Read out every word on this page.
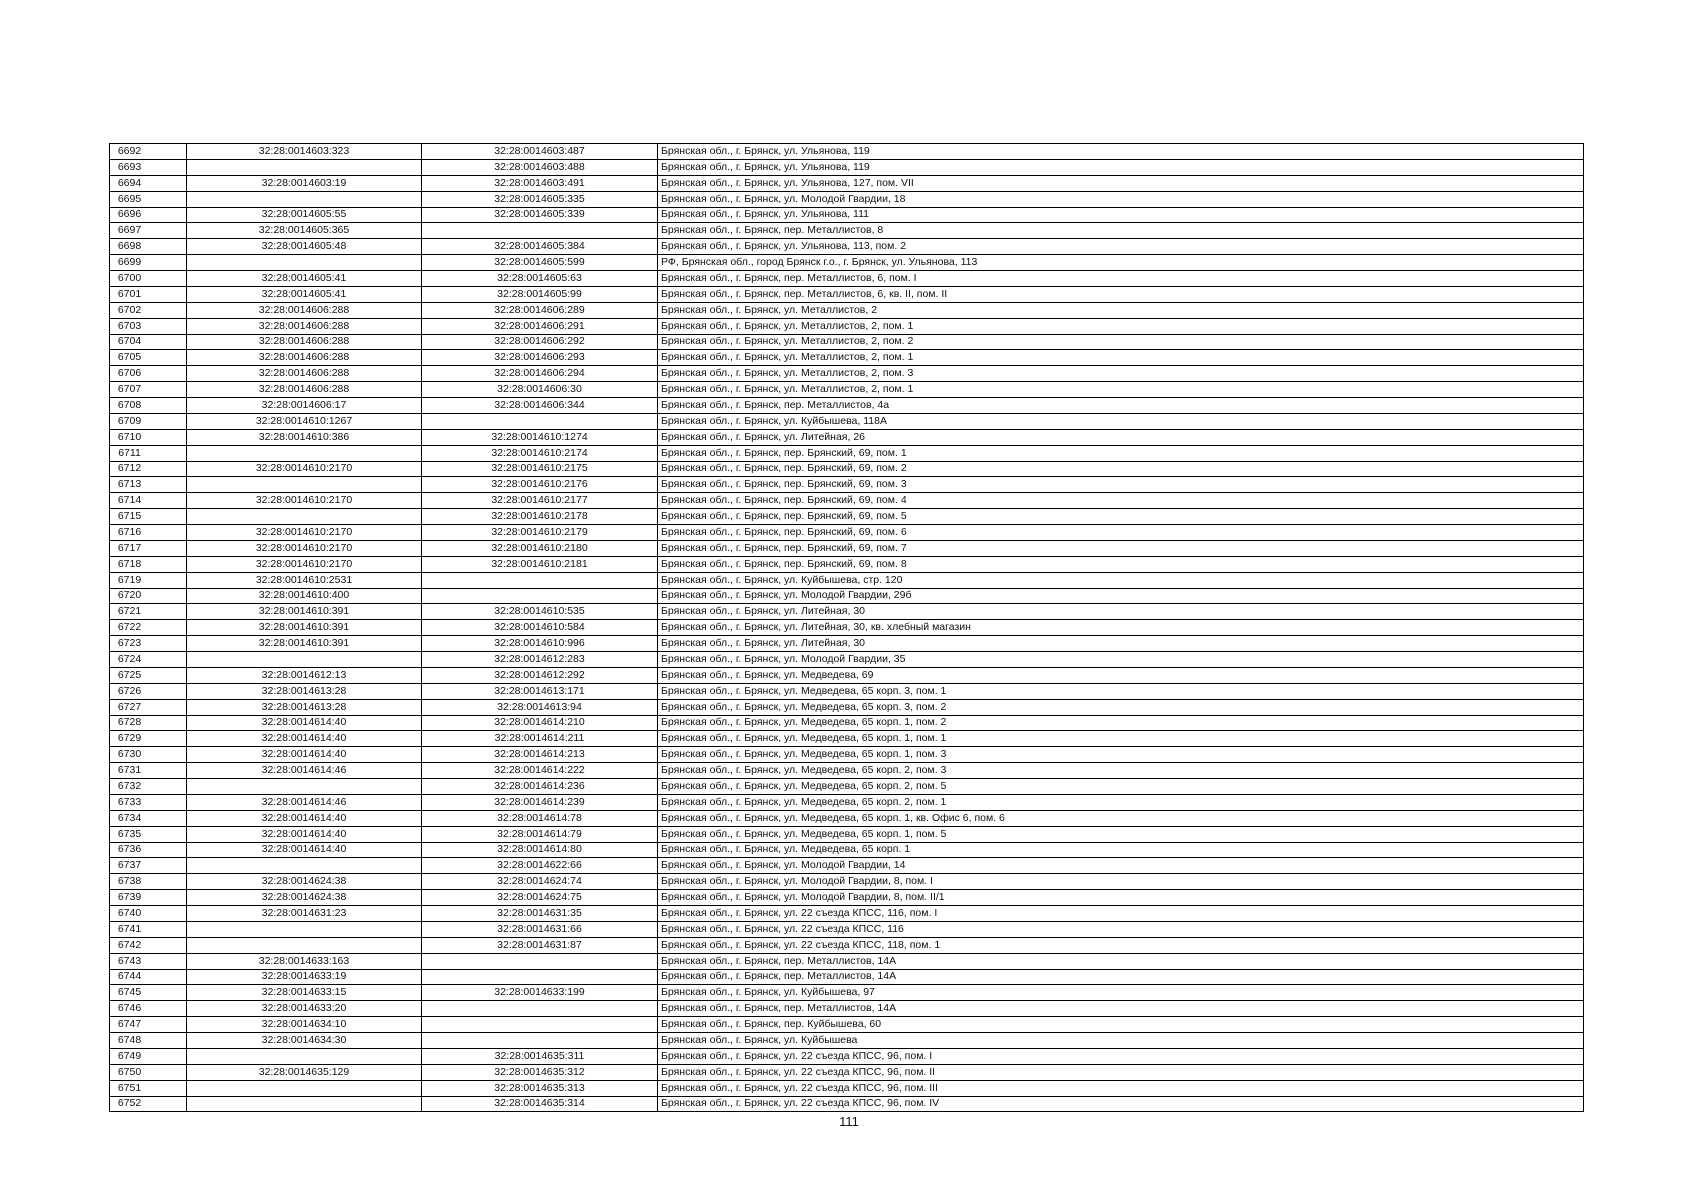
6692	32:28:0014603:323	32:28:0014603:487	Брянская обл., г. Брянск, ул. Ульянова, 119
6693		32:28:0014603:488	Брянская обл., г. Брянск, ул. Ульянова, 119
6694	32:28:0014603:19	32:28:0014603:491	Брянская обл., г. Брянск, ул. Ульянова, 127, пом. VII
6695		32:28:0014605:335	Брянская обл., г. Брянск, ул. Молодой Гвардии, 18
6696	32:28:0014605:55	32:28:0014605:339	Брянская обл., г. Брянск, ул. Ульянова, 111
6697	32:28:0014605:365		Брянская обл., г. Брянск, пер. Металлистов, 8
6698	32:28:0014605:48	32:28:0014605:384	Брянская обл., г. Брянск, ул. Ульянова, 113, пом. 2
6699		32:28:0014605:599	РФ, Брянская обл., город Брянск г.о., г. Брянск, ул. Ульянова, 113
6700	32:28:0014605:41	32:28:0014605:63	Брянская обл., г. Брянск, пер. Металлистов, 6, пом. I
6701	32:28:0014605:41	32:28:0014605:99	Брянская обл., г. Брянск, пер. Металлистов, 6, кв. II, пом. II
6702	32:28:0014606:288	32:28:0014606:289	Брянская обл., г. Брянск, ул. Металлистов, 2
6703	32:28:0014606:288	32:28:0014606:291	Брянская обл., г. Брянск, ул. Металлистов, 2, пом. 1
6704	32:28:0014606:288	32:28:0014606:292	Брянская обл., г. Брянск, ул. Металлистов, 2, пом. 2
6705	32:28:0014606:288	32:28:0014606:293	Брянская обл., г. Брянск, ул. Металлистов, 2, пом. 1
6706	32:28:0014606:288	32:28:0014606:294	Брянская обл., г. Брянск, ул. Металлистов, 2, пом. 3
6707	32:28:0014606:288	32:28:0014606:30	Брянская обл., г. Брянск, ул. Металлистов, 2, пом. 1
6708	32:28:0014606:17	32:28:0014606:344	Брянская обл., г. Брянск, пер. Металлистов, 4а
6709	32:28:0014610:1267		Брянская обл., г. Брянск, ул. Куйбышева, 118А
6710	32:28:0014610:386	32:28:0014610:1274	Брянская обл., г. Брянск, ул. Литейная, 26
6711		32:28:0014610:2174	Брянская обл., г. Брянск, пер. Брянский, 69, пом. 1
6712	32:28:0014610:2170	32:28:0014610:2175	Брянская обл., г. Брянск, пер. Брянский, 69, пом. 2
6713		32:28:0014610:2176	Брянская обл., г. Брянск, пер. Брянский, 69, пом. 3
6714	32:28:0014610:2170	32:28:0014610:2177	Брянская обл., г. Брянск, пер. Брянский, 69, пом. 4
6715		32:28:0014610:2178	Брянская обл., г. Брянск, пер. Брянский, 69, пом. 5
6716	32:28:0014610:2170	32:28:0014610:2179	Брянская обл., г. Брянск, пер. Брянский, 69, пом. 6
6717	32:28:0014610:2170	32:28:0014610:2180	Брянская обл., г. Брянск, пер. Брянский, 69, пом. 7
6718	32:28:0014610:2170	32:28:0014610:2181	Брянская обл., г. Брянск, пер. Брянский, 69, пом. 8
6719	32:28:0014610:2531		Брянская обл., г. Брянск, ул. Куйбышева, стр. 120
6720	32:28:0014610:400		Брянская обл., г. Брянск, ул. Молодой Гвардии, 29б
6721	32:28:0014610:391	32:28:0014610:535	Брянская обл., г. Брянск, ул. Литейная, 30
6722	32:28:0014610:391	32:28:0014610:584	Брянская обл., г. Брянск, ул. Литейная, 30, кв. хлебный магазин
6723	32:28:0014610:391	32:28:0014610:996	Брянская обл., г. Брянск, ул. Литейная, 30
6724		32:28:0014612:283	Брянская обл., г. Брянск, ул. Молодой Гвардии, 35
6725	32:28:0014612:13	32:28:0014612:292	Брянская обл., г. Брянск, ул. Медведева, 69
6726	32:28:0014613:28	32:28:0014613:171	Брянская обл., г. Брянск, ул. Медведева, 65 корп. 3, пом. 1
6727	32:28:0014613:28	32:28:0014613:94	Брянская обл., г. Брянск, ул. Медведева, 65 корп. 3, пом. 2
6728	32:28:0014614:40	32:28:0014614:210	Брянская обл., г. Брянск, ул. Медведева, 65 корп. 1, пом. 2
6729	32:28:0014614:40	32:28:0014614:211	Брянская обл., г. Брянск, ул. Медведева, 65 корп. 1, пом. 1
6730	32:28:0014614:40	32:28:0014614:213	Брянская обл., г. Брянск, ул. Медведева, 65 корп. 1, пом. 3
6731	32:28:0014614:46	32:28:0014614:222	Брянская обл., г. Брянск, ул. Медведева, 65 корп. 2, пом. 3
6732		32:28:0014614:236	Брянская обл., г. Брянск, ул. Медведева, 65 корп. 2, пом. 5
6733	32:28:0014614:46	32:28:0014614:239	Брянская обл., г. Брянск, ул. Медведева, 65 корп. 2, пом. 1
6734	32:28:0014614:40	32:28:0014614:78	Брянская обл., г. Брянск, ул. Медведева, 65 корп. 1, кв. Офис 6, пом. 6
6735	32:28:0014614:40	32:28:0014614:79	Брянская обл., г. Брянск, ул. Медведева, 65 корп. 1, пом. 5
6736	32:28:0014614:40	32:28:0014614:80	Брянская обл., г. Брянск, ул. Медведева, 65 корп. 1
6737		32:28:0014622:66	Брянская обл., г. Брянск, ул. Молодой Гвардии, 14
6738	32:28:0014624:38	32:28:0014624:74	Брянская обл., г. Брянск, ул. Молодой Гвардии, 8, пом. I
6739	32:28:0014624:38	32:28:0014624:75	Брянская обл., г. Брянск, ул. Молодой Гвардии, 8, пом. II/1
6740	32:28:0014631:23	32:28:0014631:35	Брянская обл., г. Брянск, ул. 22 съезда КПСС, 116, пом. I
6741		32:28:0014631:66	Брянская обл., г. Брянск, ул. 22 съезда КПСС, 116
6742		32:28:0014631:87	Брянская обл., г. Брянск, ул. 22 съезда КПСС, 118, пом. 1
6743	32:28:0014633:163		Брянская обл., г. Брянск, пер. Металлистов, 14А
6744	32:28:0014633:19		Брянская обл., г. Брянск, пер. Металлистов, 14А
6745	32:28:0014633:15	32:28:0014633:199	Брянская обл., г. Брянск, ул. Куйбышева, 97
6746	32:28:0014633:20		Брянская обл., г. Брянск, пер. Металлистов, 14А
6747	32:28:0014634:10		Брянская обл., г. Брянск, пер. Куйбышева, 60
6748	32:28:0014634:30		Брянская обл., г. Брянск, ул. Куйбышева
6749		32:28:0014635:311	Брянская обл., г. Брянск, ул. 22 съезда КПСС, 96, пом. I
6750	32:28:0014635:129	32:28:0014635:312	Брянская обл., г. Брянск, ул. 22 съезда КПСС, 96, пом. II
6751		32:28:0014635:313	Брянская обл., г. Брянск, ул. 22 съезда КПСС, 96, пом. III
6752		32:28:0014635:314	Брянская обл., г. Брянск, ул. 22 съезда КПСС, 96, пом. IV
111
